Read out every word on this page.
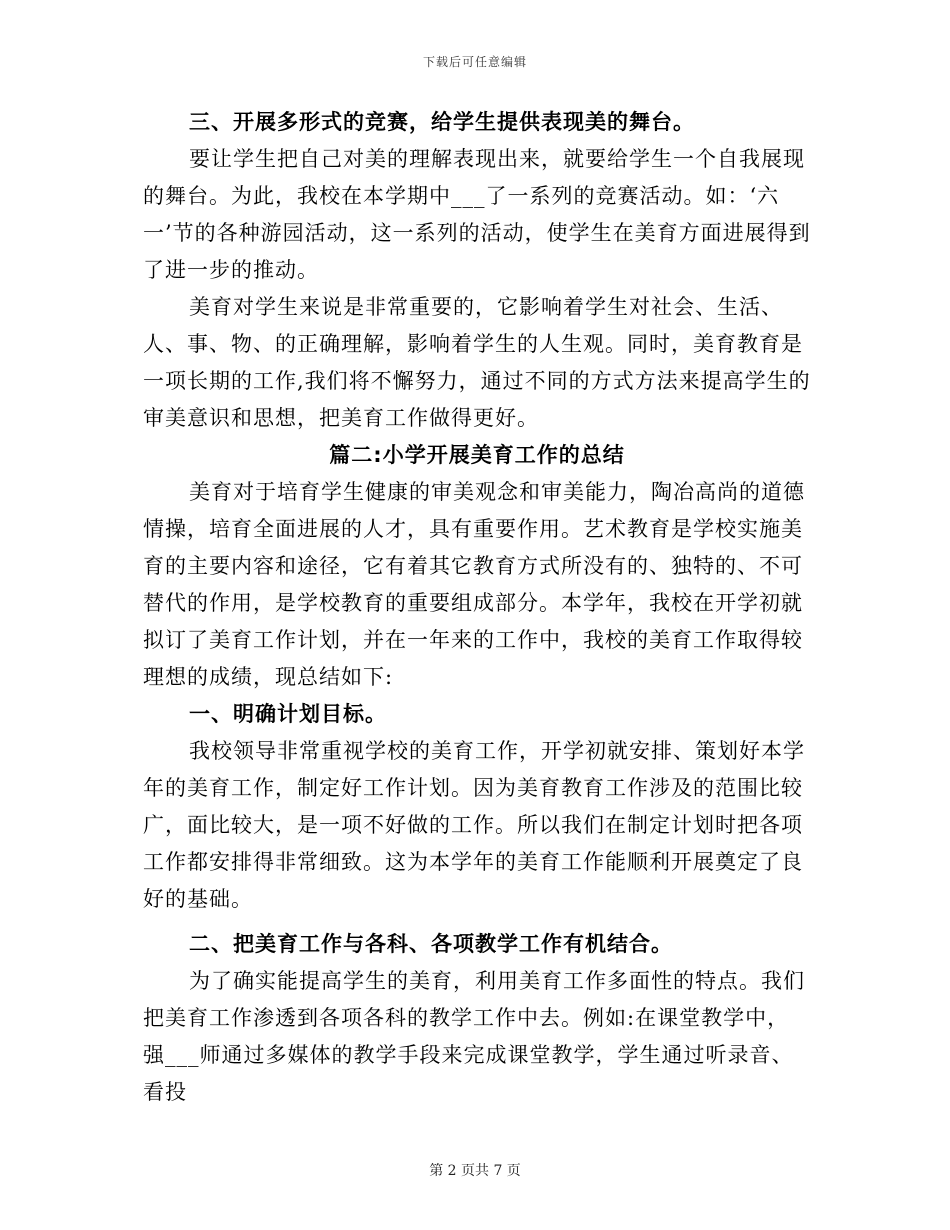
下载后可任意编辑

三、开展多形式的竞赛，给学生提供表现美的舞台。

要让学生把自己对美的理解表现出来，就要给学生一个自我展现的舞台。为此，我校在本学期中___了一系列的竞赛活动。如：‘六一’节的各种游园活动，这一系列的活动，使学生在美育方面进展得到了进一步的推动。

美育对学生来说是非常重要的，它影响着学生对社会、生活、人、事、物、的正确理解，影响着学生的人生观。同时，美育教育是一项长期的工作,我们将不懈努力，通过不同的方式方法来提高学生的审美意识和思想，把美育工作做得更好。

篇二:小学开展美育工作的总结

美育对于培育学生健康的审美观念和审美能力，陶冶高尚的道德情操，培育全面进展的人才，具有重要作用。艺术教育是学校实施美育的主要内容和途径，它有着其它教育方式所没有的、独特的、不可替代的作用，是学校教育的重要组成部分。本学年，我校在开学初就拟订了美育工作计划，并在一年来的工作中，我校的美育工作取得较理想的成绩，现总结如下:

一、明确计划目标。

我校领导非常重视学校的美育工作，开学初就安排、策划好本学年的美育工作，制定好工作计划。因为美育教育工作涉及的范围比较广，面比较大，是一项不好做的工作。所以我们在制定计划时把各项工作都安排得非常细致。这为本学年的美育工作能顺利开展奠定了良好的基础。

二、把美育工作与各科、各项教学工作有机结合。

为了确实能提高学生的美育，利用美育工作多面性的特点。我们把美育工作渗透到各项各科的教学工作中去。例如:在课堂教学中，强___师通过多媒体的教学手段来完成课堂教学，学生通过听录音、看投

第 2 页共 7 页
